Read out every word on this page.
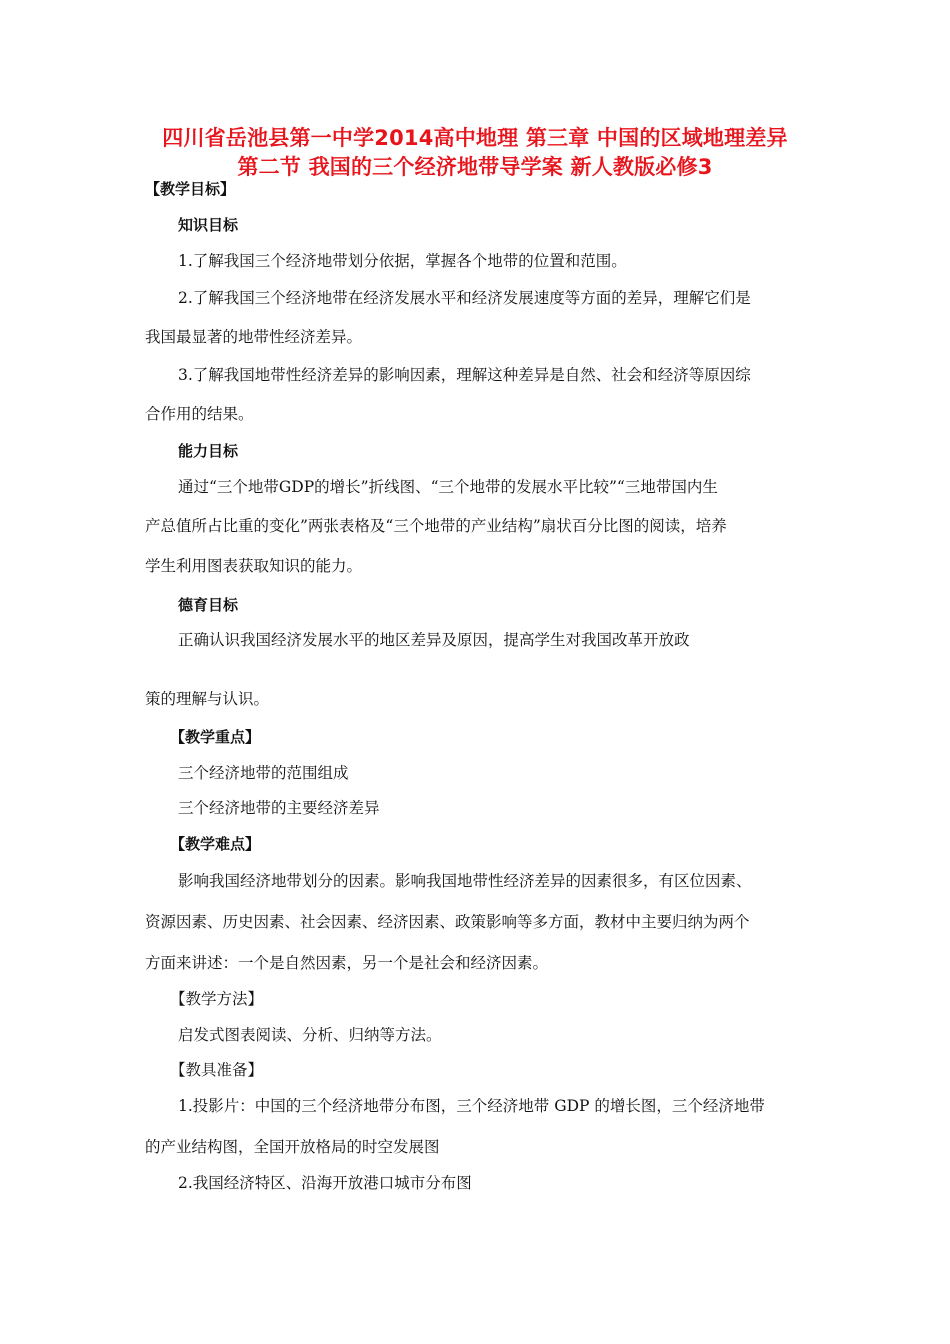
四川省岳池县第一中学2014高中地理 第三章 中国的区域地理差异
第二节 我国的三个经济地带导学案 新人教版必修3
【教学目标】
知识目标
1.了解我国三个经济地带划分依据，掌握各个地带的位置和范围。
2.了解我国三个经济地带在经济发展水平和经济发展速度等方面的差异，理解它们是
我国最显著的地带性经济差异。
3.了解我国地带性经济差异的影响因素，理解这种差异是自然、社会和经济等原因综
合作用的结果。
能力目标
通过“三个地带GDP的增长”折线图、“三个地带的发展水平比较”“三地带国内生
产总值所占比重的变化”两张表格及“三个地带的产业结构”扇状百分比图的阅读，培养
学生利用图表获取知识的能力。
德育目标
正确认识我国经济发展水平的地区差异及原因，提高学生对我国改革开放政
策的理解与认识。
【教学重点】
三个经济地带的范围组成
三个经济地带的主要经济差异
【教学难点】
影响我国经济地带划分的因素。影响我国地带性经济差异的因素很多，有区位因素、
资源因素、历史因素、社会因素、经济因素、政策影响等多方面，教材中主要归纳为两个
方面来讲述：一个是自然因素，另一个是社会和经济因素。
【教学方法】
启发式图表阅读、分析、归纳等方法。
【教具准备】
1.投影片：中国的三个经济地带分布图，三个经济地带 GDP 的增长图，三个经济地带
的产业结构图，全国开放格局的时空发展图
2.我国经济特区、沿海开放港口城市分布图
